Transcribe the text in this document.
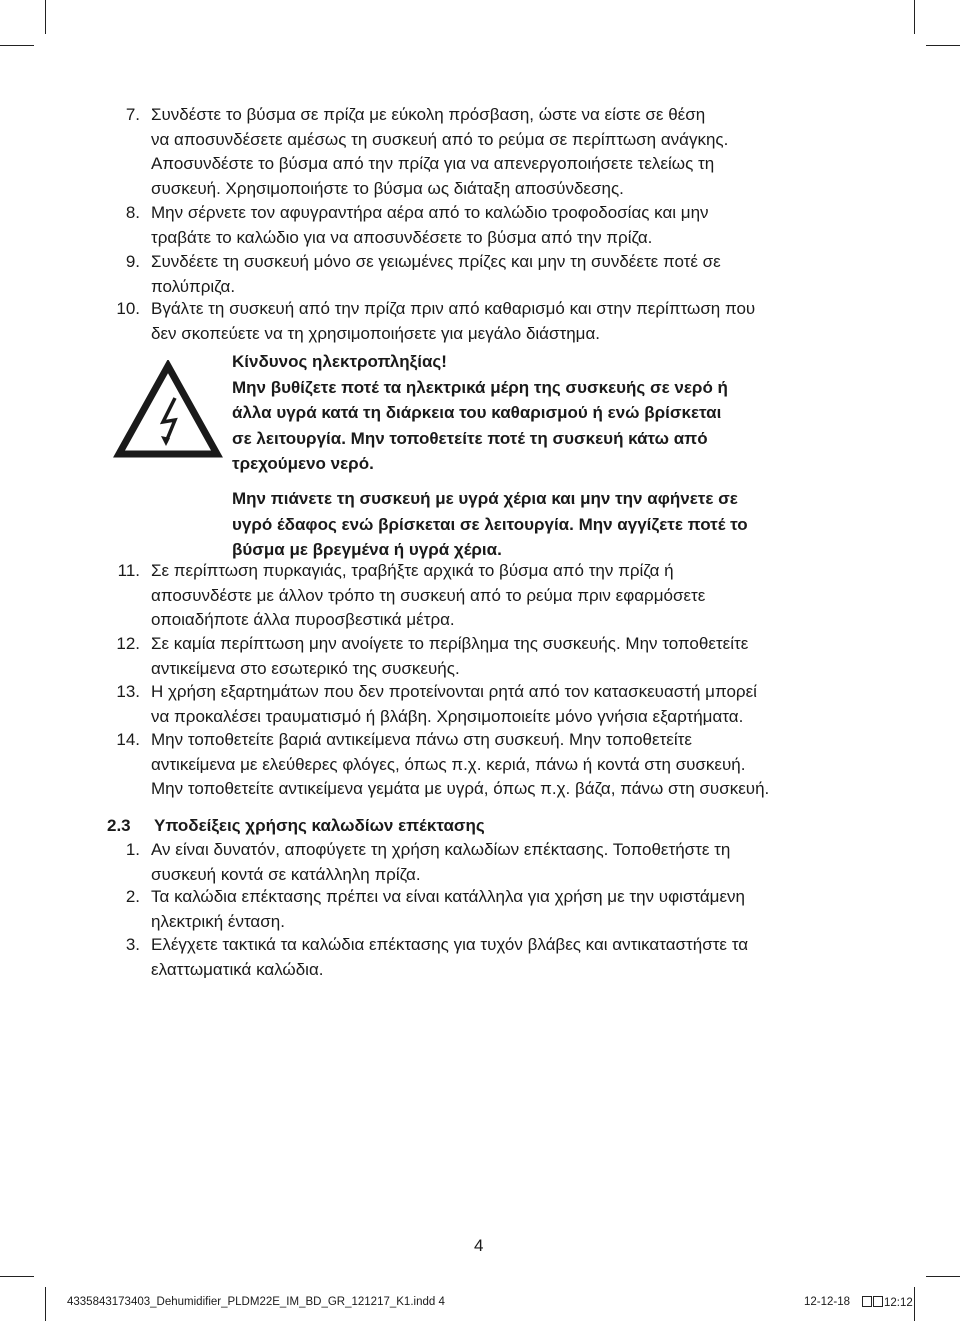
7. Συνδέστε το βύσμα σε πρίζα με εύκολη πρόσβαση, ώστε να είστε σε θέση
να αποσυνδέσετε αμέσως τη συσκευή από το ρεύμα σε περίπτωση ανάγκης.
Αποσυνδέστε το βύσμα από την πρίζα για να απενεργοποιήσετε τελείως τη
συσκευή. Χρησιμοποιήστε το βύσμα ως διάταξη αποσύνδεσης.
8. Μην σέρνετε τον αφυγραντήρα αέρα από το καλώδιο τροφοδοσίας και μην
τραβάτε το καλώδιο για να αποσυνδέσετε το βύσμα από την πρίζα.
9. Συνδέετε τη συσκευή μόνο σε γειωμένες πρίζες και μην τη συνδέετε ποτέ σε
πολύπριζα.
10. Βγάλτε τη συσκευή από την πρίζα πριν από καθαρισμό και στην περίπτωση που
δεν σκοπεύετε να τη χρησιμοποιήσετε για μεγάλο διάστημα.
Κίνδυνος ηλεκτροπληξίας!
Μην βυθίζετε ποτέ τα ηλεκτρικά μέρη της συσκευής σε νερό ή
άλλα υγρά κατά τη διάρκεια του καθαρισμού ή ενώ βρίσκεται
σε λειτουργία. Μην τοποθετείτε ποτέ τη συσκευή κάτω από
τρεχούμενο νερό.
Μην πιάνετε τη συσκευή με υγρά χέρια και μην την αφήνετε σε
υγρό έδαφος ενώ βρίσκεται σε λειτουργία. Μην αγγίζετε ποτέ το
βύσμα με βρεγμένα ή υγρά χέρια.
11. Σε περίπτωση πυρκαγιάς, τραβήξτε αρχικά το βύσμα από την πρίζα ή
αποσυνδέστε με άλλον τρόπο τη συσκευή από το ρεύμα πριν εφαρμόσετε
οποιαδήποτε άλλα πυροσβεστικά μέτρα.
12. Σε καμία περίπτωση μην ανοίγετε το περίβλημα της συσκευής. Μην τοποθετείτε
αντικείμενα στο εσωτερικό της συσκευής.
13. Η χρήση εξαρτημάτων που δεν προτείνονται ρητά από τον κατασκευαστή μπορεί
να προκαλέσει τραυματισμό ή βλάβη. Χρησιμοποιείτε μόνο γνήσια εξαρτήματα.
14. Μην τοποθετείτε βαριά αντικείμενα πάνω στη συσκευή. Μην τοποθετείτε
αντικείμενα με ελεύθερες φλόγες, όπως π.χ. κεριά, πάνω ή κοντά στη συσκευή.
Μην τοποθετείτε αντικείμενα γεμάτα με υγρά, όπως π.χ. βάζα, πάνω στη συσκευή.
2.3 Υποδείξεις χρήσης καλωδίων επέκτασης
1. Αν είναι δυνατόν, αποφύγετε τη χρήση καλωδίων επέκτασης. Τοποθετήστε τη
συσκευή κοντά σε κατάλληλη πρίζα.
2. Τα καλώδια επέκτασης πρέπει να είναι κατάλληλα για χρήση με την υφιστάμενη
ηλεκτρική ένταση.
3. Ελέγχετε τακτικά τα καλώδια επέκτασης για τυχόν βλάβες και αντικαταστήστε τα
ελαττωματικά καλώδια.
4
4335843173403_Dehumidifier_PLDM22E_IM_BD_GR_121217_K1.indd 4	12-12-18	12:12
